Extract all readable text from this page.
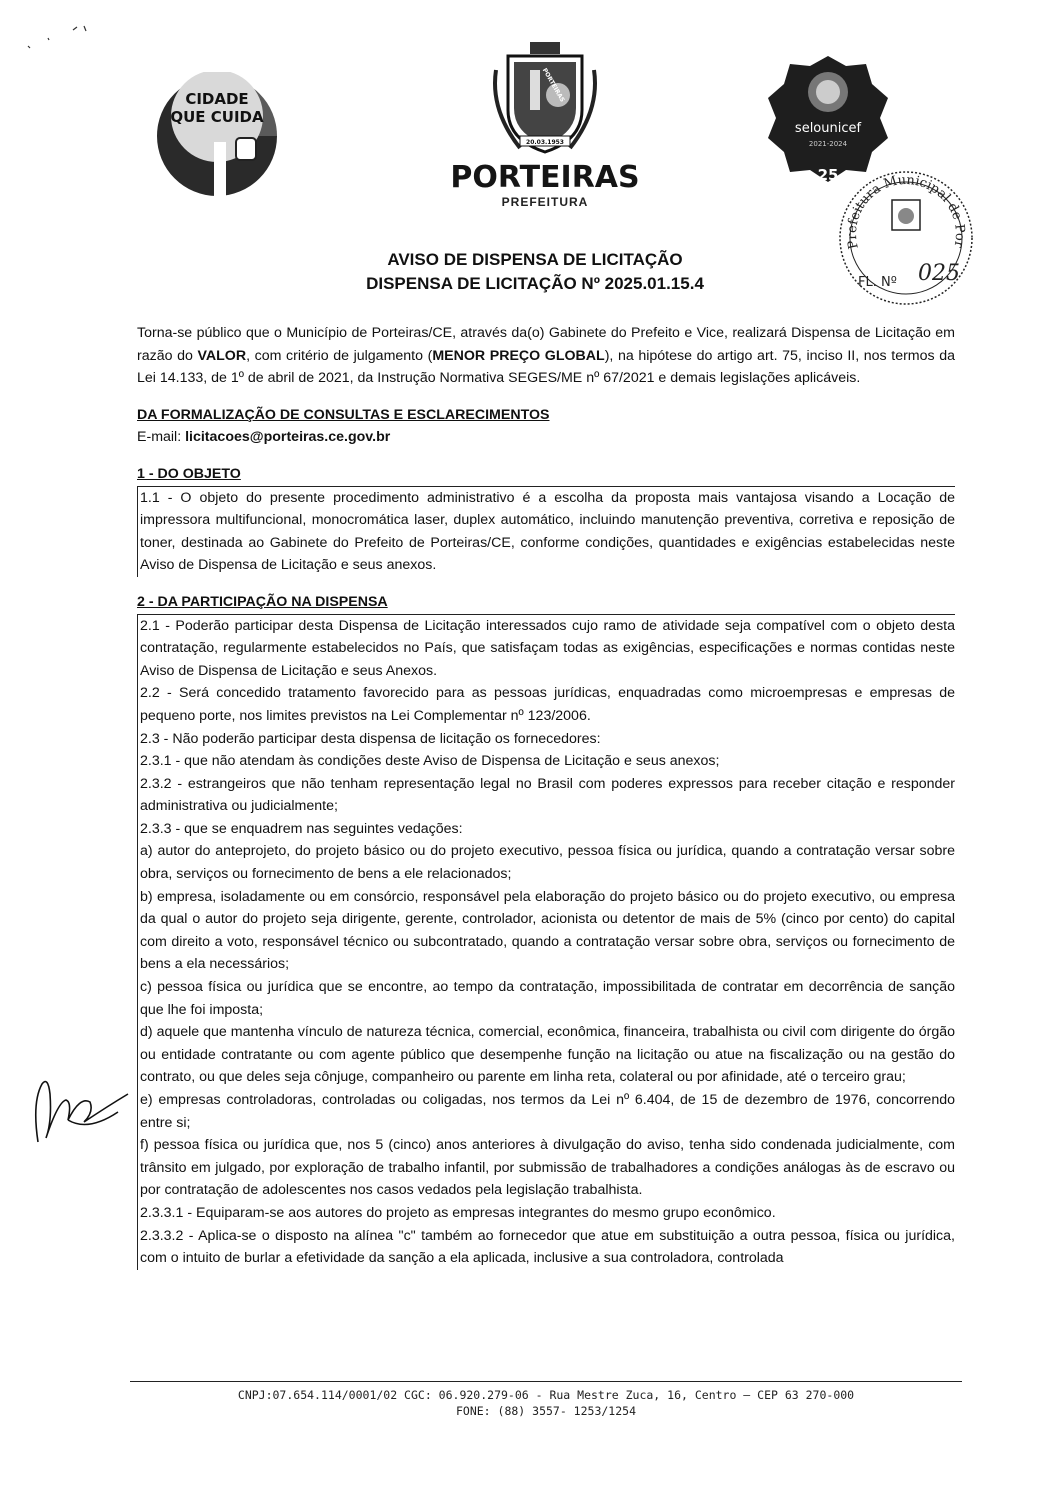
CIDADE
QUE CUIDA
20.03.1953
PORTEIRAS
PORTEIRAS
PREFEITURA
selounicef
2021-2024
25
Prefeitura Municipal de Por
FL. Nº 025
AVISO DE DISPENSA DE LICITAÇÃO
DISPENSA DE LICITAÇÃO Nº 2025.01.15.4

Torna-se público que o Município de Porteiras/CE, através da(o) Gabinete do Prefeito e Vice, realizará Dispensa de Licitação em razão do VALOR, com critério de julgamento (MENOR PREÇO GLOBAL), na hipótese do artigo art. 75, inciso II, nos termos da Lei 14.133, de 1º de abril de 2021, da Instrução Normativa SEGES/ME nº 67/2021 e demais legislações aplicáveis.

DA FORMALIZAÇÃO DE CONSULTAS E ESCLARECIMENTOS

E-mail: licitacoes@porteiras.ce.gov.br

1 - DO OBJETO

1.1 - O objeto do presente procedimento administrativo é a escolha da proposta mais vantajosa visando a Locação de impressora multifuncional, monocromática laser, duplex automático, incluindo manutenção preventiva, corretiva e reposição de toner, destinada ao Gabinete do Prefeito de Porteiras/CE, conforme condições, quantidades e exigências estabelecidas neste Aviso de Dispensa de Licitação e seus anexos.

2 - DA PARTICIPAÇÃO NA DISPENSA

2.1 - Poderão participar desta Dispensa de Licitação interessados cujo ramo de atividade seja compatível com o objeto desta contratação, regularmente estabelecidos no País, que satisfaçam todas as exigências, especificações e normas contidas neste Aviso de Dispensa de Licitação e seus Anexos.

2.2 - Será concedido tratamento favorecido para as pessoas jurídicas, enquadradas como microempresas e empresas de pequeno porte, nos limites previstos na Lei Complementar nº 123/2006.

2.3 - Não poderão participar desta dispensa de licitação os fornecedores:

2.3.1 - que não atendam às condições deste Aviso de Dispensa de Licitação e seus anexos;

2.3.2 - estrangeiros que não tenham representação legal no Brasil com poderes expressos para receber citação e responder administrativa ou judicialmente;

2.3.3 - que se enquadrem nas seguintes vedações:

a) autor do anteprojeto, do projeto básico ou do projeto executivo, pessoa física ou jurídica, quando a contratação versar sobre obra, serviços ou fornecimento de bens a ele relacionados;

b) empresa, isoladamente ou em consórcio, responsável pela elaboração do projeto básico ou do projeto executivo, ou empresa da qual o autor do projeto seja dirigente, gerente, controlador, acionista ou detentor de mais de 5% (cinco por cento) do capital com direito a voto, responsável técnico ou subcontratado, quando a contratação versar sobre obra, serviços ou fornecimento de bens a ela necessários;

c) pessoa física ou jurídica que se encontre, ao tempo da contratação, impossibilitada de contratar em decorrência de sanção que lhe foi imposta;

d) aquele que mantenha vínculo de natureza técnica, comercial, econômica, financeira, trabalhista ou civil com dirigente do órgão ou entidade contratante ou com agente público que desempenhe função na licitação ou atue na fiscalização ou na gestão do contrato, ou que deles seja cônjuge, companheiro ou parente em linha reta, colateral ou por afinidade, até o terceiro grau;

e) empresas controladoras, controladas ou coligadas, nos termos da Lei nº 6.404, de 15 de dezembro de 1976, concorrendo entre si;

f) pessoa física ou jurídica que, nos 5 (cinco) anos anteriores à divulgação do aviso, tenha sido condenada judicialmente, com trânsito em julgado, por exploração de trabalho infantil, por submissão de trabalhadores a condições análogas às de escravo ou por contratação de adolescentes nos casos vedados pela legislação trabalhista.

2.3.3.1 - Equiparam-se aos autores do projeto as empresas integrantes do mesmo grupo econômico.

2.3.3.2 - Aplica-se o disposto na alínea "c" também ao fornecedor que atue em substituição a outra pessoa, física ou jurídica, com o intuito de burlar a efetividade da sanção a ela aplicada, inclusive a sua controladora, controlada

CNPJ:07.654.114/0001/02 CGC: 06.920.279-06 - Rua Mestre Zuca, 16, Centro – CEP 63 270-000
FONE: (88) 3557- 1253/1254
